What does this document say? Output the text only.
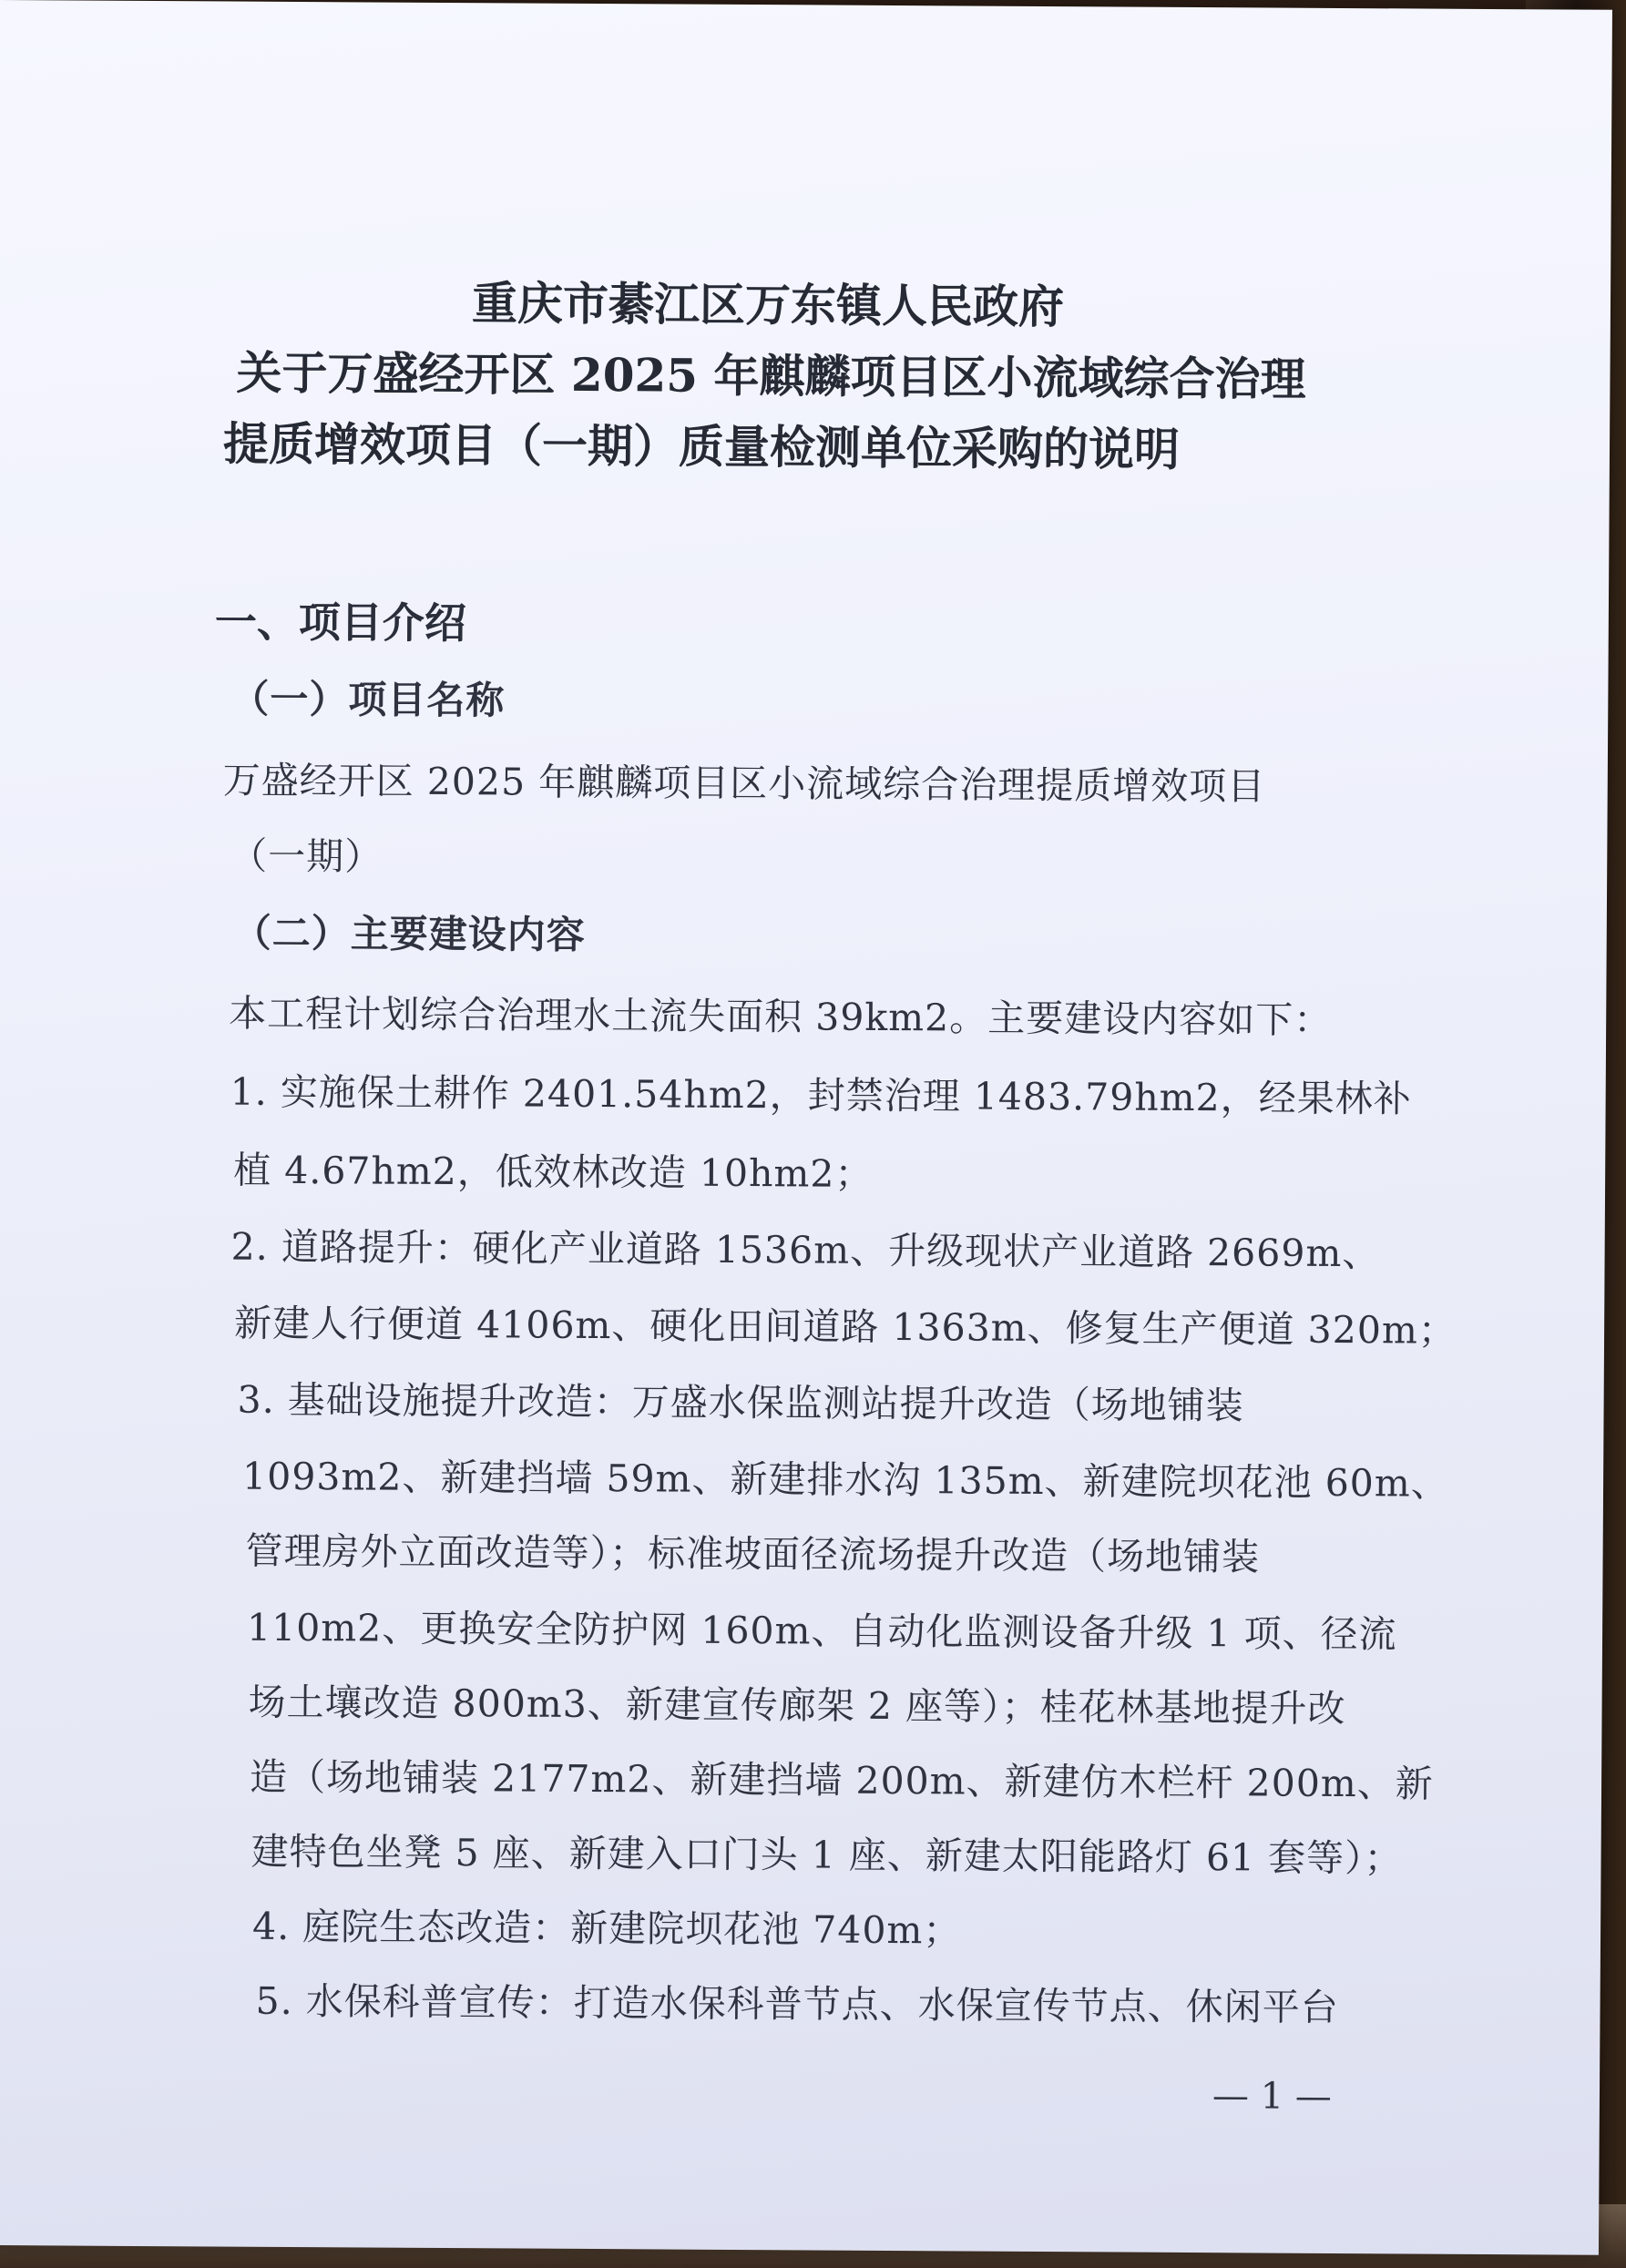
重庆市綦江区万东镇人民政府
关于万盛经开区 2025 年麒麟项目区小流域综合治理
提质增效项目（一期）质量检测单位采购的说明
一、项目介绍
（一）项目名称
万盛经开区 2025 年麒麟项目区小流域综合治理提质增效项目
（一期）
（二）主要建设内容
本工程计划综合治理水土流失面积 39km2。主要建设内容如下：
1. 实施保土耕作 2401.54hm2，封禁治理 1483.79hm2，经果林补
植 4.67hm2，低效林改造 10hm2；
2. 道路提升：硬化产业道路 1536m、升级现状产业道路 2669m、
新建人行便道 4106m、硬化田间道路 1363m、修复生产便道 320m；
3. 基础设施提升改造：万盛水保监测站提升改造（场地铺装
1093m2、新建挡墙 59m、新建排水沟 135m、新建院坝花池 60m、
管理房外立面改造等）；标准坡面径流场提升改造（场地铺装
110m2、更换安全防护网 160m、自动化监测设备升级 1 项、径流
场土壤改造 800m3、新建宣传廊架 2 座等）；桂花林基地提升改
造（场地铺装 2177m2、新建挡墙 200m、新建仿木栏杆 200m、新
建特色坐凳 5 座、新建入口门头 1 座、新建太阳能路灯 61 套等）；
4. 庭院生态改造：新建院坝花池 740m；
5. 水保科普宣传：打造水保科普节点、水保宣传节点、休闲平台
— 1 —
